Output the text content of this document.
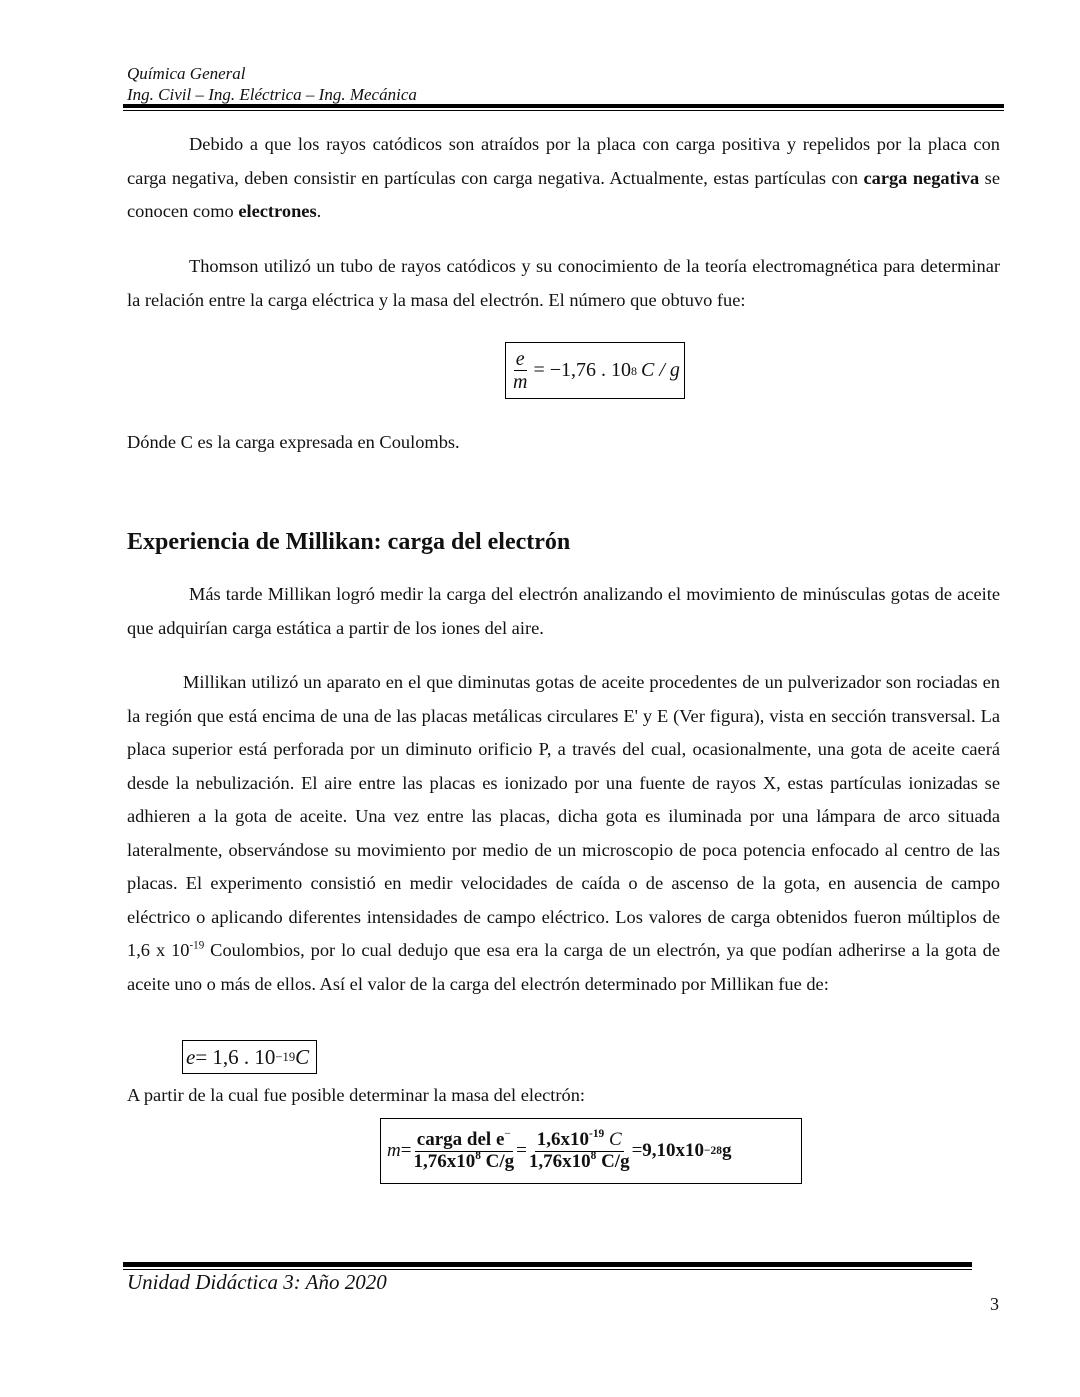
Química General
Ing. Civil – Ing. Eléctrica – Ing. Mecánica

Debido a que los rayos catódicos son atraídos por la placa con carga positiva y repelidos por la placa con carga negativa, deben consistir en partículas con carga negativa. Actualmente, estas partículas con carga negativa se conocen como electrones.

Thomson utilizó un tubo de rayos catódicos y su conocimiento de la teoría electromagnética para determinar la relación entre la carga eléctrica y la masa del electrón. El número que obtuvo fue:

$\frac{e}{m} = -1,76$ . 10 8 C / g

Dónde C es la carga expresada en Coulombs.

Experiencia de Millikan: carga del electrón

Más tarde Millikan logró medir la carga del electrón analizando el movimiento de minúsculas gotas de aceite que adquirían carga estática a partir de los iones del aire.

Millikan utilizó un aparato en el que diminutas gotas de aceite procedentes de un pulverizador son rociadas en la región que está encima de una de las placas metálicas circulares E' y E (Ver figura), vista en sección transversal. La placa superior está perforada por un diminuto orificio P, a través del cual, ocasionalmente, una gota de aceite caerá desde la nebulización. El aire entre las placas es ionizado por una fuente de rayos X, estas partículas ionizadas se adhieren a la gota de aceite. Una vez entre las placas, dicha gota es iluminada por una lámpara de arco situada lateralmente, observándose su movimiento por medio de un microscopio de poca potencia enfocado al centro de las placas. El experimento consistió en medir velocidades de caída o de ascenso de la gota, en ausencia de campo eléctrico o aplicando diferentes intensidades de campo eléctrico. Los valores de carga obtenidos fueron múltiplos de 1,6 x $10^{-19}$ Coulombios, por lo cual dedujo que esa era la carga de un electrón, ya que podían adherirse a la gota de aceite uno o más de ellos. Así el valor de la carga del electrón determinado por Millikan fue de:

e = 1,6 . 10 −19 C

A partir de la cual fue posible determinar la masa del electrón:

$m = \frac{carga del e^-}{1,76x10^8 C/g} = \frac{1,6x10^{-19} C}{1,76x10^8 C/g} = 9,10x10 -28$ g
Unidad Didáctica 3: Año 2020
3
